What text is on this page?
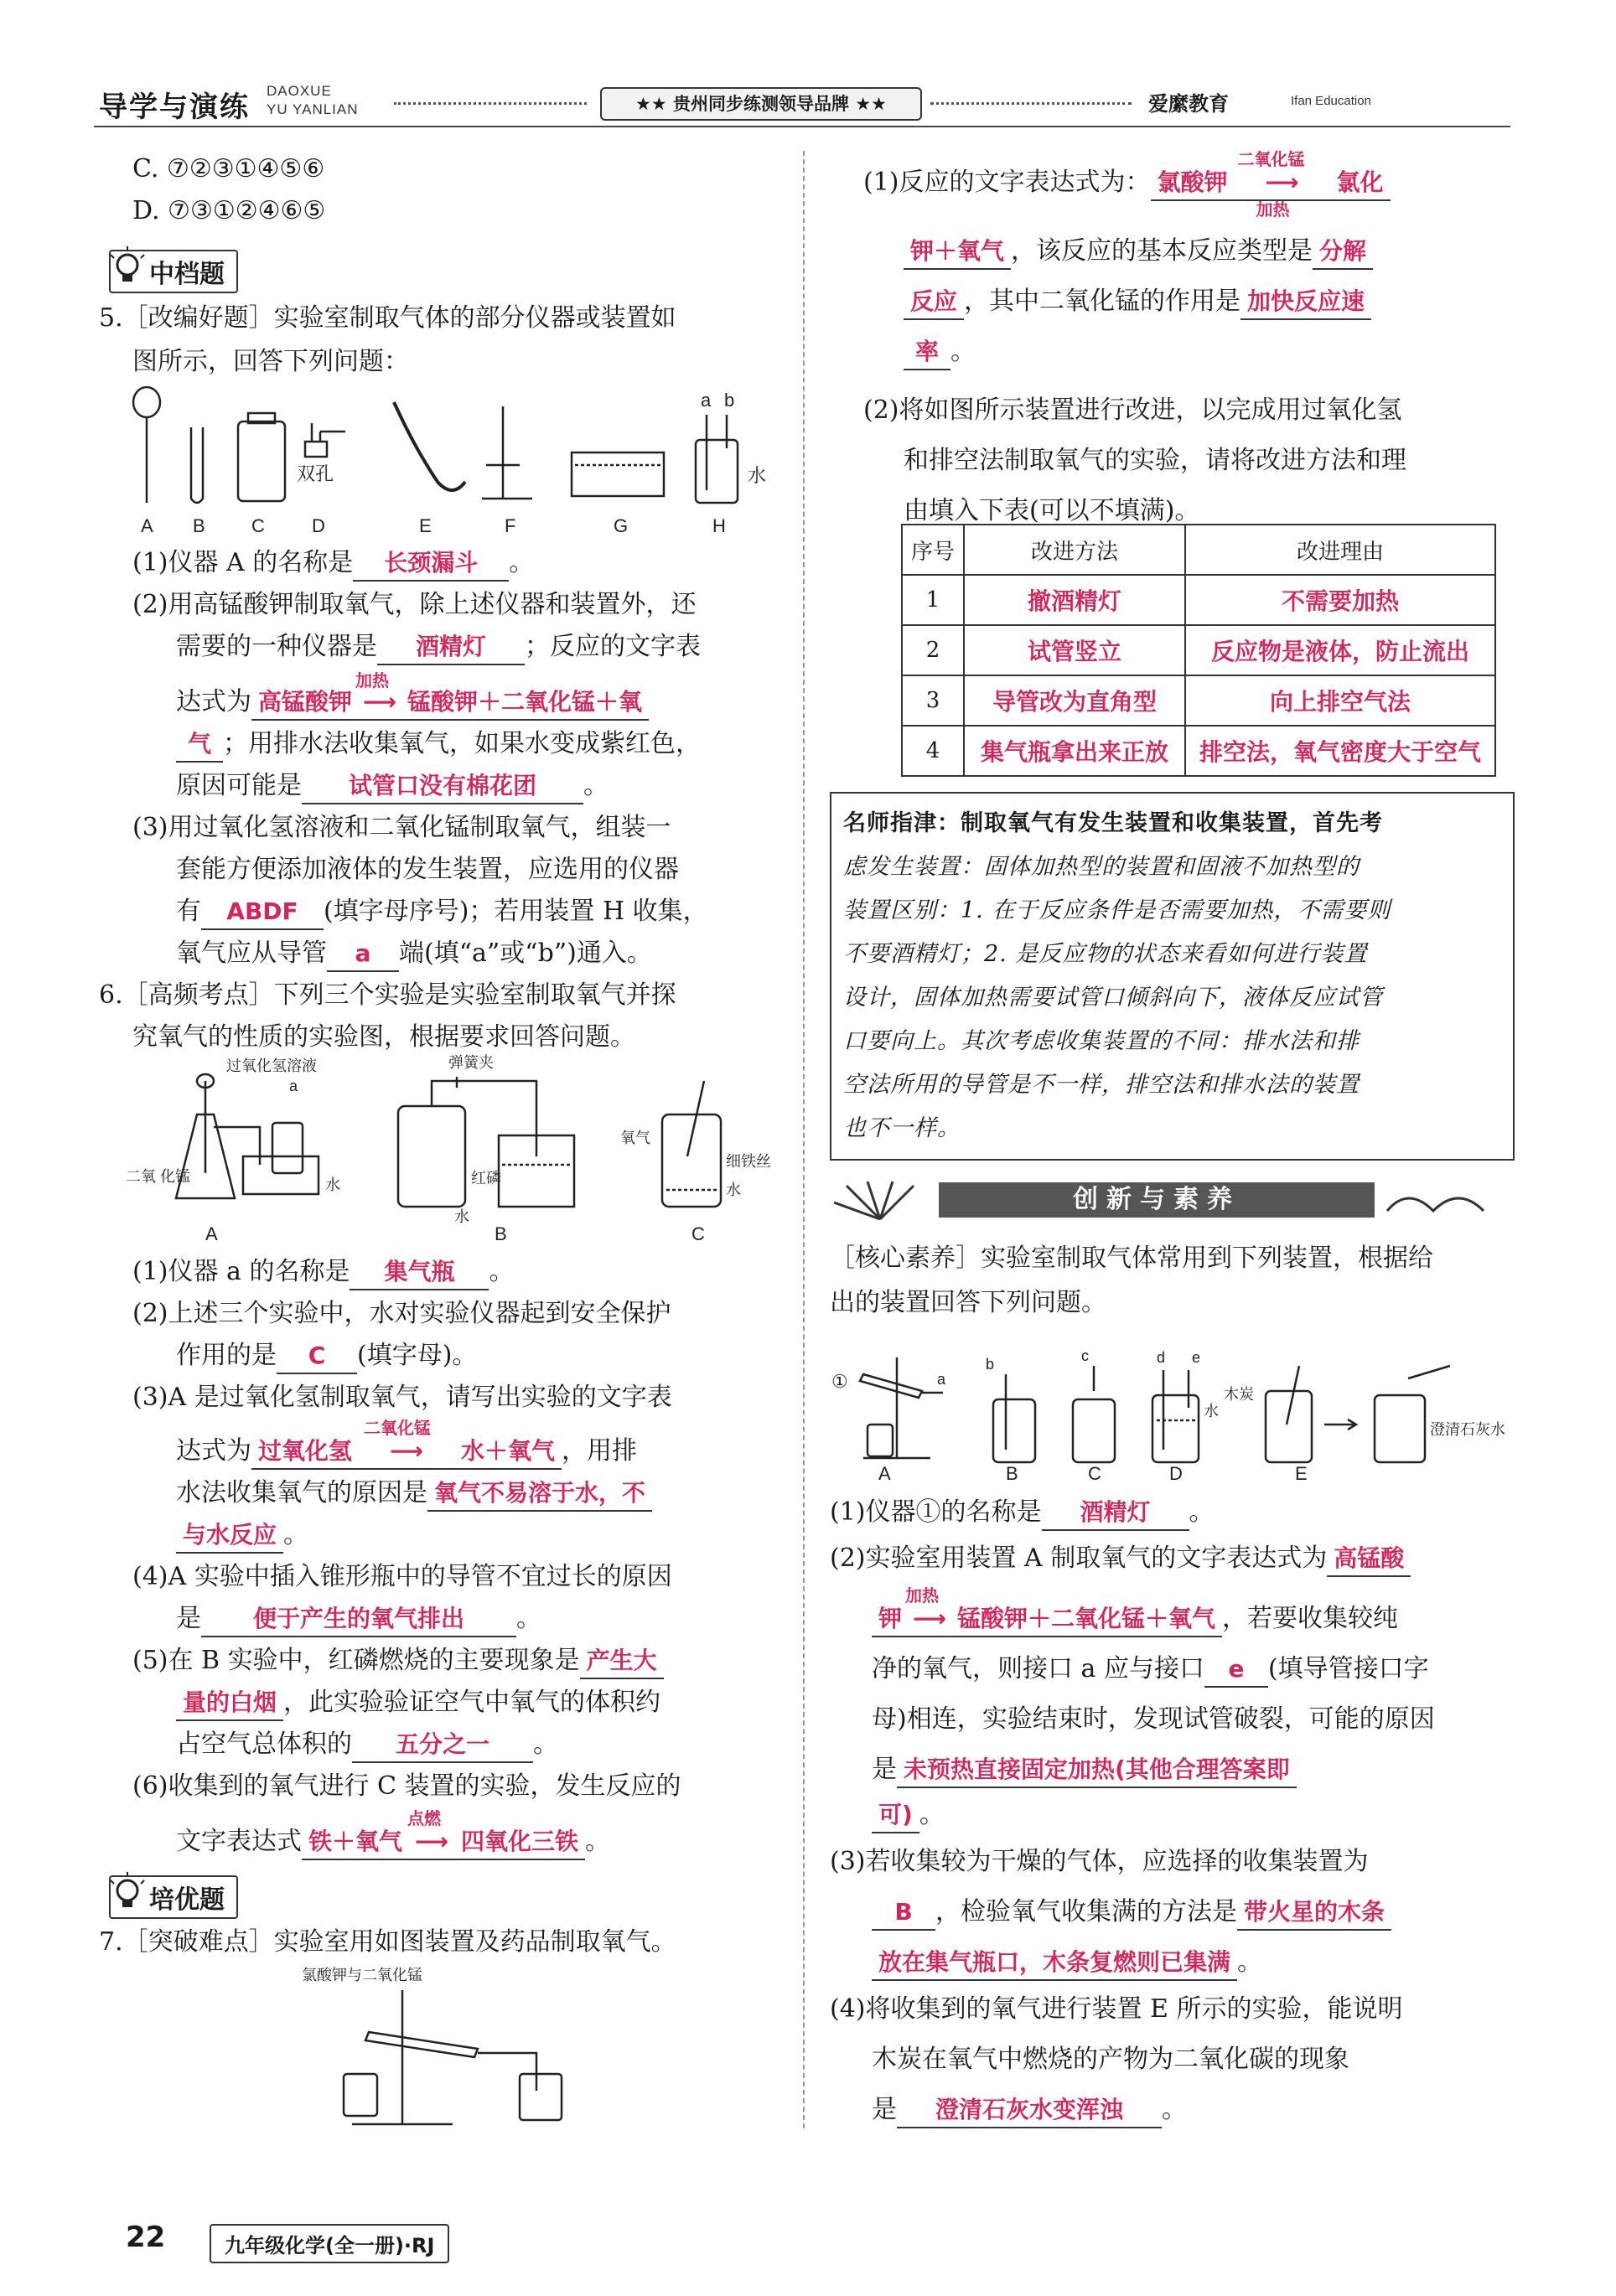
导学与演练 DAOXUE
YU YANLIAN	★★ 贵州同步练测领导品牌 ★★	爱縻教育	Ifan Education
C. ⑦②③①④⑤⑥
D. ⑦③①②④⑥⑤
中档题
5.［改编好题］实验室制取气体的部分仪器或装置如
图所示，回答下列问题：
双孔
a b
水
A B	C	D	E	F	G	H
(1)仪器 A 的名称是 长颈漏斗 。
(2)用高锰酸钾制取氧气，除上述仪器和装置外，还
需要的一种仪器是 酒精灯 ；反应的文字表
达式为 高锰酸钾
加热
⟶ 锰酸钾＋二氧化锰＋氧
气 ；用排水法收集氧气，如果水变成紫红色，
原因可能是 试管口没有棉花团 。
(3)用过氧化氢溶液和二氧化锰制取氧气，组装一
套能方便添加液体的发生装置，应选用的仪器
有 ABDF (填字母序号)；若用装置 H 收集，
氧气应从导管 a 端(填“a”或“b”)通入。
6.［高频考点］下列三个实验是实验室制取氧气并探
究氧气的性质的实验图，根据要求回答问题。
过氧化氢溶液
a
二氧 化锰	水
弹簧夹
红磷
水
氧气
细铁丝
水
A	B	C
(1)仪器 a 的名称是 集气瓶 。
(2)上述三个实验中，水对实验仪器起到安全保护
作用的是 C (填字母)。
(3)A 是过氧化氢制取氧气，请写出实验的文字表
达式为 过氧化氢
二氧化锰
⟶ 水＋氧气 ，用排
水法收集氧气的原因是 氧气不易溶于水，不
与水反应 。
(4)A 实验中插入锥形瓶中的导管不宜过长的原因
是 便于产生的氧气排出 。
(5)在 B 实验中，红磷燃烧的主要现象是 产生大
量的白烟 ，此实验验证空气中氧气的体积约
占空气总体积的 五分之一 。
(6)收集到的氧气进行 C 装置的实验，发生反应的
文字表达式 铁＋氧气
点燃
⟶ 四氧化三铁 。
培优题
7.［突破难点］实验室用如图装置及药品制取氧气。
氯酸钾与二氧化锰
22	九年级化学(全一册)·RJ
(1)反应的文字表达式为： 氯酸钾
二氧化锰
⟶
加热
氯化
钾＋氧气 ，该反应的基本反应类型是 分解
反应 ，其中二氧化锰的作用是 加快反应速
率 。
(2)将如图所示装置进行改进，以完成用过氧化氢
和排空法制取氧气的实验，请将改进方法和理
由填入下表(可以不填满)。
序号	改进方法	改进理由
1	撤酒精灯	不需要加热
2	试管竖立	反应物是液体，防止流出
3	导管改为直角型	向上排空气法
4	集气瓶拿出来正放	排空法，氧气密度大于空气
名师指津：制取氧气有发生装置和收集装置，首先考
虑发生装置：固体加热型的装置和固液不加热型的
装置区别：1. 在于反应条件是否需要加热，不需要则
不要酒精灯；2. 是反应物的状态来看如何进行装置
设计，固体加热需要试管口倾斜向下，液体反应试管
口要向上。其次考虑收集装置的不同：排水法和排
空法所用的导管是不一样，排空法和排水法的装置
也不一样。
创新与素养
［核心素养］实验室制取气体常用到下列装置，根据给
出的装置回答下列问题。
①	a
b	c	d e
水
木炭
澄清石灰水
A	B	C	D	E
(1)仪器①的名称是 酒精灯 。
(2)实验室用装置 A 制取氧气的文字表达式为 高锰酸
钾
加热
⟶ 锰酸钾＋二氧化锰＋氧气 ，若要收集较纯
净的氧气，则接口 a 应与接口 e (填导管接口字
母)相连，实验结束时，发现试管破裂，可能的原因
是 未预热直接固定加热(其他合理答案即
可) 。
(3)若收集较为干燥的气体，应选择的收集装置为
B ，检验氧气收集满的方法是 带火星的木条
放在集气瓶口，木条复燃则已集满 。
(4)将收集到的氧气进行装置 E 所示的实验，能说明
木炭在氧气中燃烧的产物为二氧化碳的现象
是 澄清石灰水变浑浊 。
